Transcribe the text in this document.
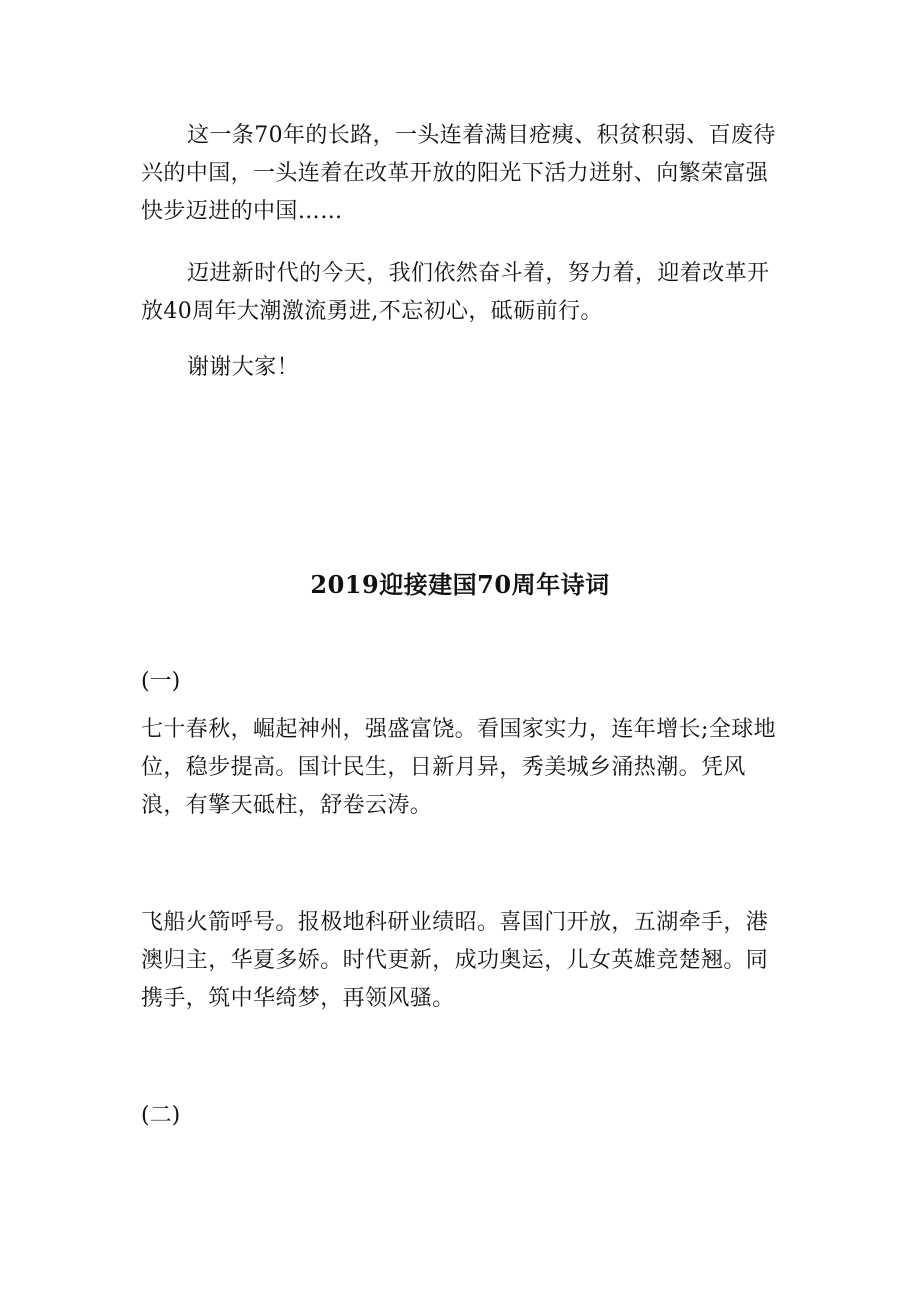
这一条70年的长路，一头连着满目疮痍、积贫积弱、百废待兴的中国，一头连着在改革开放的阳光下活力迸射、向繁荣富强快步迈进的中国……

迈进新时代的今天，我们依然奋斗着，努力着，迎着改革开放40周年大潮激流勇进,不忘初心，砥砺前行。

谢谢大家！

2019迎接建国70周年诗词

(一)

七十春秋，崛起神州，强盛富饶。看国家实力，连年增长;全球地位，稳步提高。国计民生，日新月异，秀美城乡涌热潮。凭风浪，有擎天砥柱，舒卷云涛。

飞船火箭呼号。报极地科研业绩昭。喜国门开放，五湖牵手，港澳归主，华夏多娇。时代更新，成功奥运，儿女英雄竞楚翘。同携手，筑中华绮梦，再领风骚。

(二)
